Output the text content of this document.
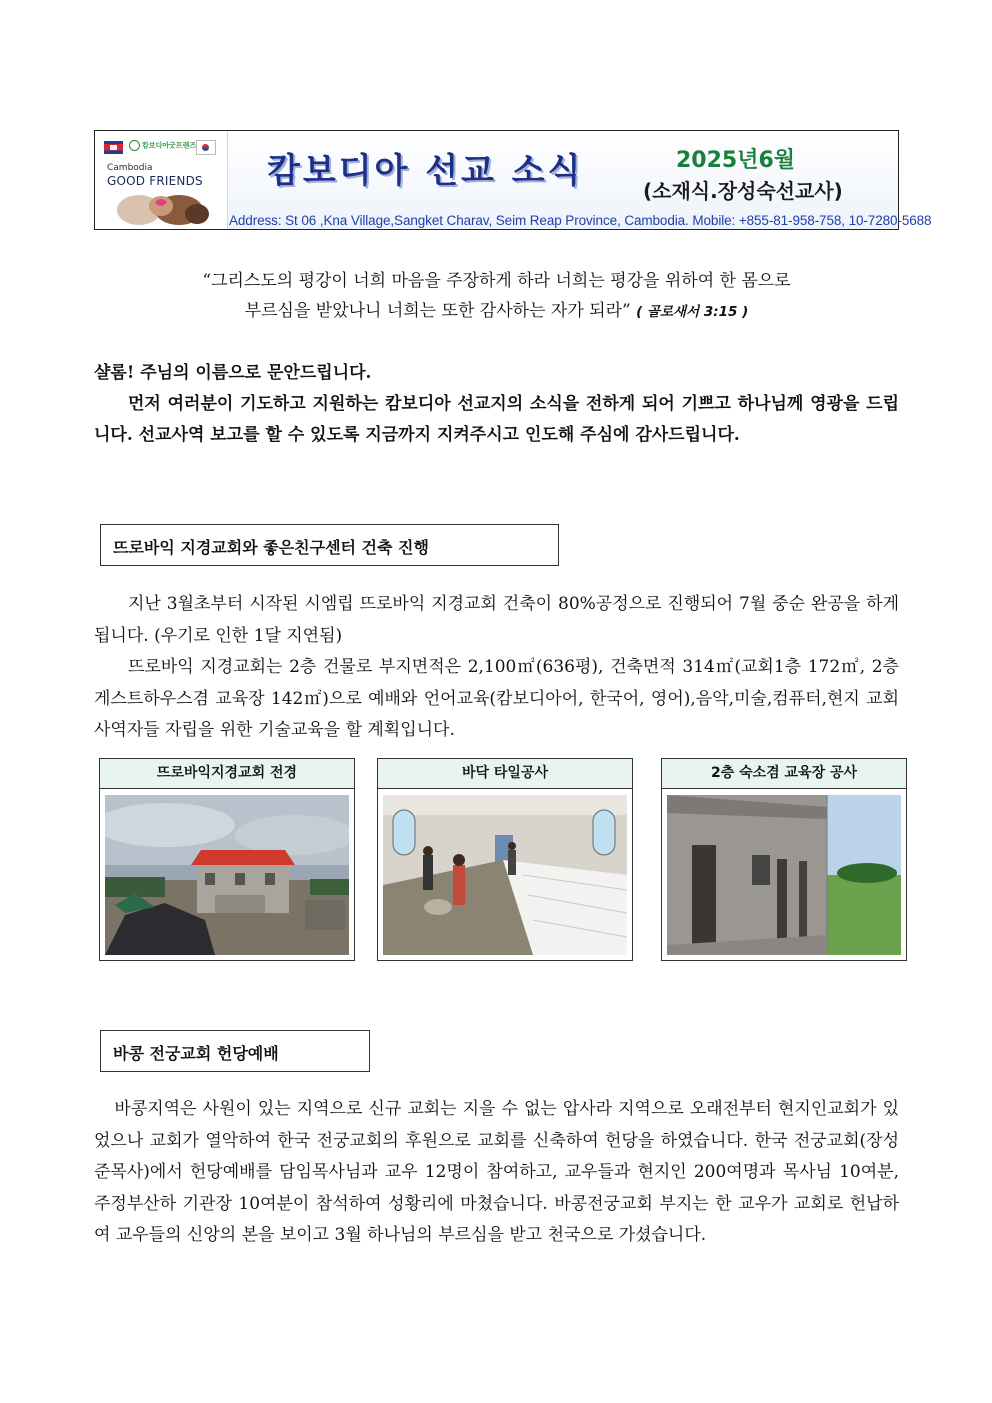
캄보디아굿프렌즈
Cambodia
GOOD FRIENDS 캄보디아 선교 소식	2025년6월
(소재식.장성숙선교사)
Address: St 06 ,Kna Village,Sangket Charav, Seim Reap Province, Cambodia. Mobile: +855-81-958-758, 10-7280-5688
“그리스도의 평강이 너희 마음을 주장하게 하라 너희는 평강을 위하여 한 몸으로
부르심을 받았나니 너희는 또한 감사하는 자가 되라” ( 골로새서 3:15 )

샬롬! 주님의 이름으로 문안드립니다.

먼저 여러분이 기도하고 지원하는 캄보디아 선교지의 소식을 전하게 되어 기쁘고 하나님께 영광을 드립니다. 선교사역 보고를 할 수 있도록 지금까지 지켜주시고 인도해 주심에 감사드립니다.

뜨로바익 지경교회와 좋은친구센터 건축 진행

지난 3월초부터 시작된 시엠립 뜨로바익 지경교회 건축이 80%공정으로 진행되어 7월 중순 완공을 하게됩니다. (우기로 인한 1달 지연됨)

뜨로바익 지경교회는 2층 건물로 부지면적은 2,100㎡(636평), 건축면적 314㎡(교회1층 172㎡, 2층 게스트하우스겸 교육장 142㎡)으로 예배와 언어교육(캄보디아어, 한국어, 영어),음악,미술,컴퓨터,현지 교회 사역자들 자립을 위한 기술교육을 할 계획입니다.

뜨로바익지경교회 전경	바닥 타일공사	2층 숙소겸 교육장 공사
바콩 전궁교회 헌당예배

바콩지역은 사원이 있는 지역으로 신규 교회는 지을 수 없는 압사라 지역으로 오래전부터 현지인교회가 있었으나 교회가 열악하여 한국 전궁교회의 후원으로 교회를 신축하여 헌당을 하였습니다. 한국 전궁교회(장성준목사)에서 헌당예배를 담임목사님과 교우 12명이 참여하고, 교우들과 현지인 200여명과 목사님 10여분, 주정부산하 기관장 10여분이 참석하여 성황리에 마쳤습니다. 바콩전궁교회 부지는 한 교우가 교회로 헌납하여 교우들의 신앙의 본을 보이고 3월 하나님의 부르심을 받고 천국으로 가셨습니다.
